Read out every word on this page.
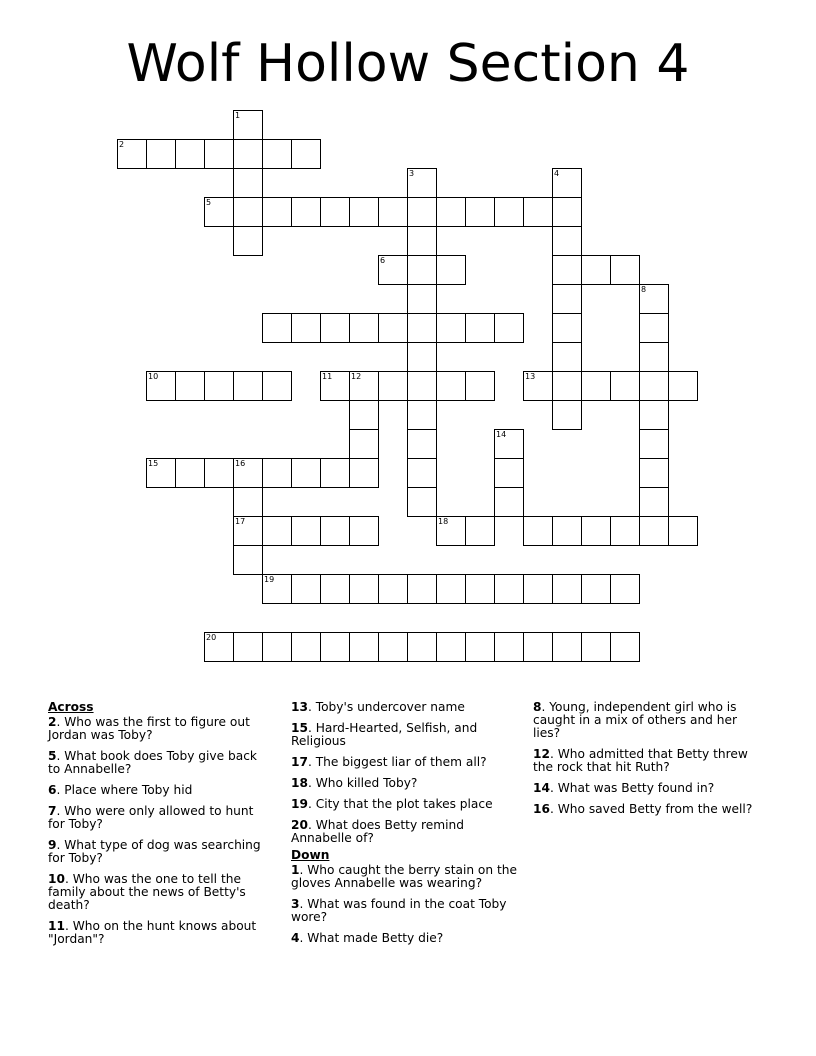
Wolf Hollow Section 4
1
2
5
3	4
6
8
10	11 12	13
14
15	16
17	18
19
20
Across

2. Who was the first to figure out Jordan was Toby?

5. What book does Toby give back to Annabelle?

6. Place where Toby hid

7. Who were only allowed to hunt for Toby?

9. What type of dog was searching for Toby?

10. Who was the one to tell the family about the news of Betty's death?

11. Who on the hunt knows about "Jordan"?

13. Toby's undercover name

15. Hard-Hearted, Selfish, and Religious

17. The biggest liar of them all?

18. Who killed Toby?

19. City that the plot takes place

20. What does Betty remind Annabelle of?

Down

1. Who caught the berry stain on the gloves Annabelle was wearing?

3. What was found in the coat Toby wore?

4. What made Betty die?

8. Young, independent girl who is caught in a mix of others and her lies?

12. Who admitted that Betty threw the rock that hit Ruth?

14. What was Betty found in?

16. Who saved Betty from the well?
